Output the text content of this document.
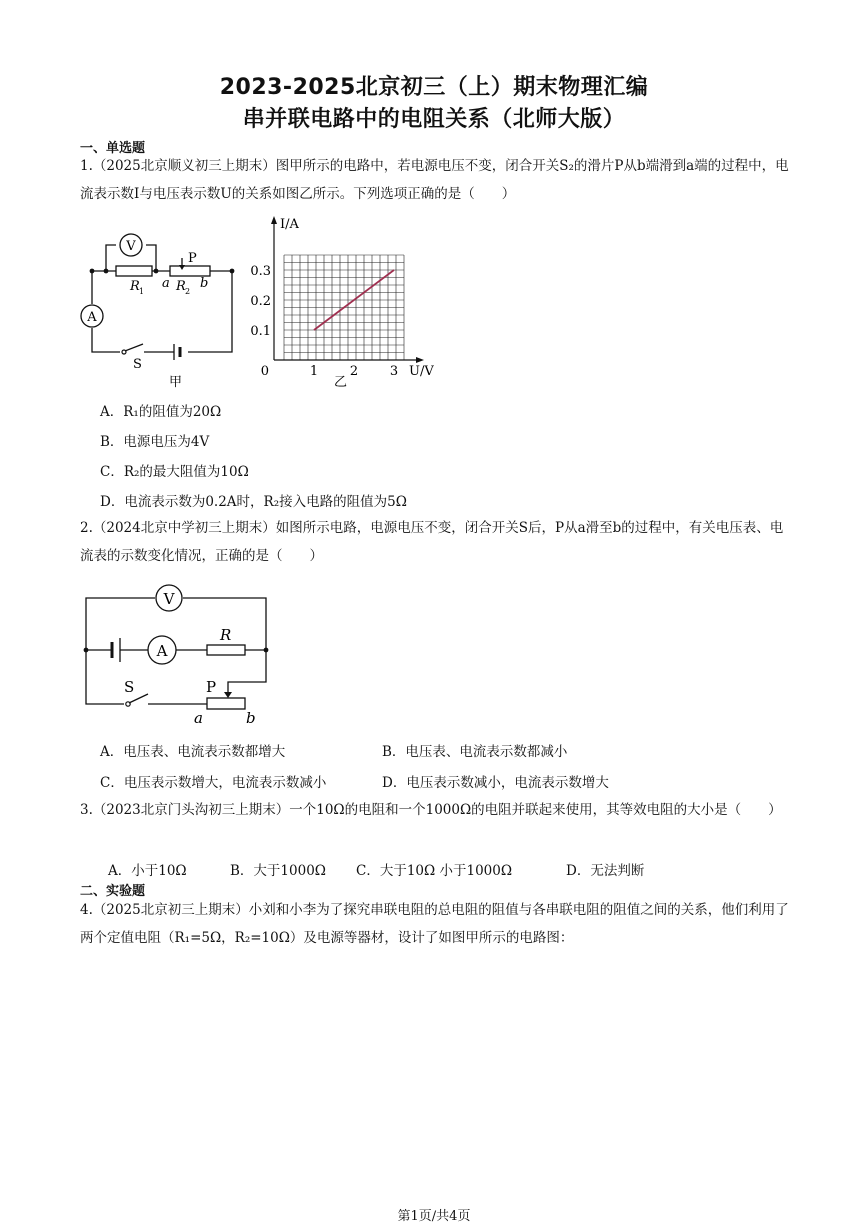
2023-2025北京初三（上）期末物理汇编
串并联电路中的电阻关系（北师大版）
一、单选题
1.（2025北京顺义初三上期末）图甲所示的电路中，若电源电压不变，闭合开关S₂的滑片P从b端滑到a端的过程中，电流表示数I与电压表示数U的关系如图乙所示。下列选项正确的是（　　）
V
P
R 1
a R 2
b
A
S
甲
1 2 3
0.1
0.2
0.3
I/A
U/V
0
乙
A．R₁的阻值为20Ω
B．电源电压为4V
C．R₂的最大阻值为10Ω
D．电流表示数为0.2A时，R₂接入电路的阻值为5Ω
2.（2024北京中学初三上期末）如图所示电路，电源电压不变，闭合开关S后，P从a滑至b的过程中，有关电压表、电流表的示数变化情况，正确的是（　　）
V
A
R
S	P
a	b
A．电压表、电流表示数都增大	B．电压表、电流表示数都减小
C．电压表示数增大，电流表示数减小	D．电压表示数减小，电流表示数增大
3.（2023北京门头沟初三上期末）一个10Ω的电阻和一个1000Ω的电阻并联起来使用，其等效电阻的大小是（　　）
A．小于10Ω	B．大于1000Ω C．大于10Ω 小于1000Ω	D．无法判断
二、实验题
4.（2025北京初三上期末）小刘和小李为了探究串联电阻的总电阻的阻值与各串联电阻的阻值之间的关系，他们利用了两个定值电阻（R₁=5Ω，R₂=10Ω）及电源等器材，设计了如图甲所示的电路图：
第1页/共4页
